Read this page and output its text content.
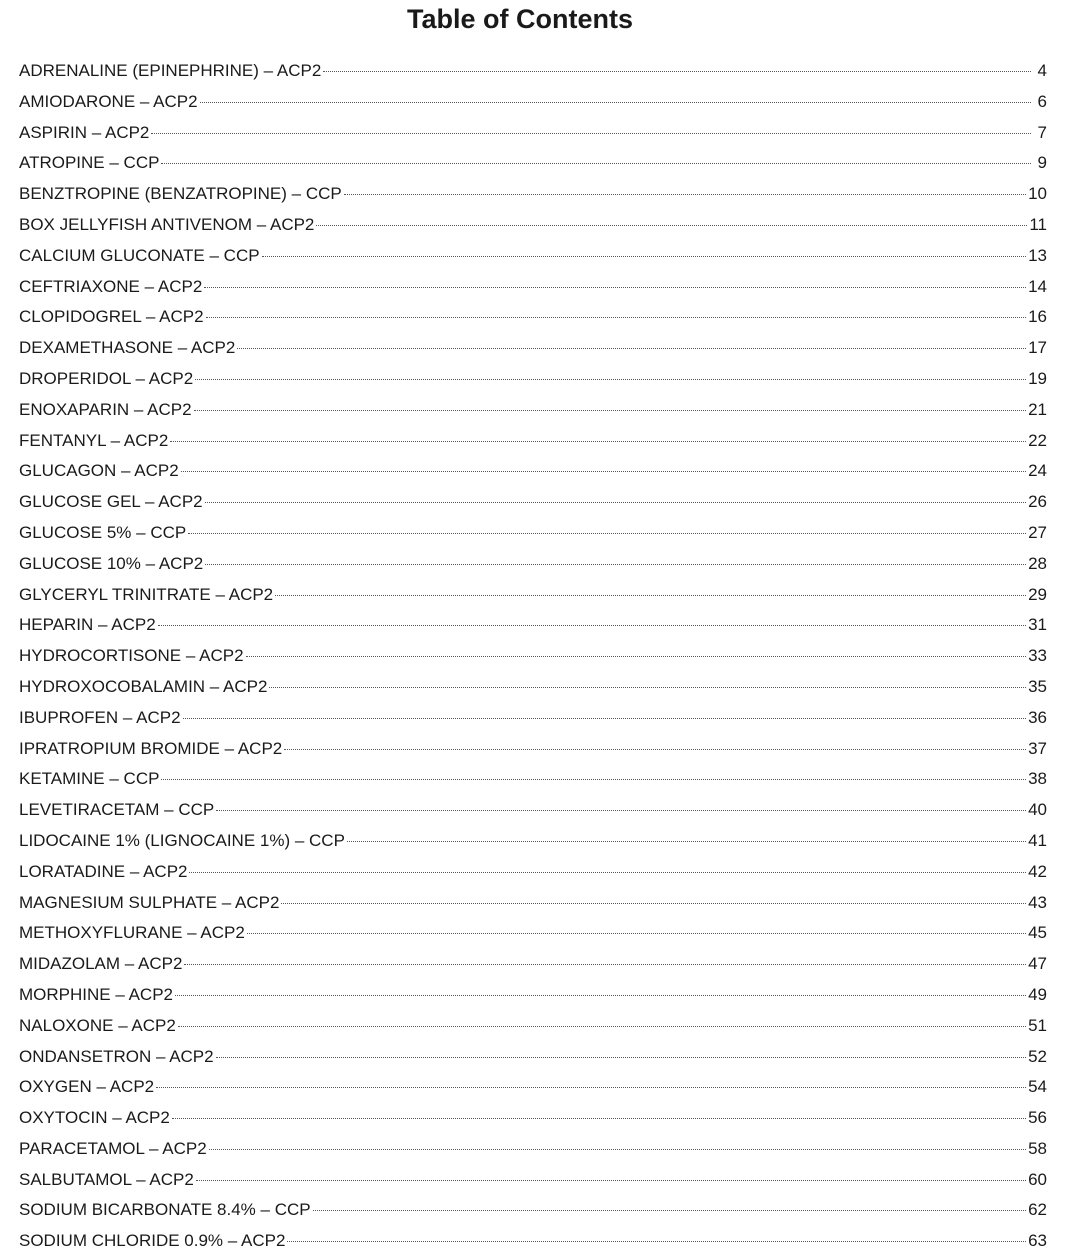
Table of Contents
ADRENALINE (EPINEPHRINE) – ACP2	4
AMIODARONE – ACP2	6
ASPIRIN – ACP2	7
ATROPINE – CCP	9
BENZTROPINE (BENZATROPINE) – CCP	10
BOX JELLYFISH ANTIVENOM – ACP2	11
CALCIUM GLUCONATE – CCP	13
CEFTRIAXONE – ACP2	14
CLOPIDOGREL – ACP2	16
DEXAMETHASONE – ACP2	17
DROPERIDOL – ACP2	19
ENOXAPARIN – ACP2	21
FENTANYL – ACP2	22
GLUCAGON – ACP2	24
GLUCOSE GEL – ACP2	26
GLUCOSE 5% – CCP	27
GLUCOSE 10% – ACP2	28
GLYCERYL TRINITRATE – ACP2	29
HEPARIN – ACP2	31
HYDROCORTISONE – ACP2	33
HYDROXOCOBALAMIN – ACP2	35
IBUPROFEN – ACP2	36
IPRATROPIUM BROMIDE – ACP2	37
KETAMINE – CCP	38
LEVETIRACETAM – CCP	40
LIDOCAINE 1% (LIGNOCAINE 1%) – CCP	41
LORATADINE – ACP2	42
MAGNESIUM SULPHATE – ACP2	43
METHOXYFLURANE – ACP2	45
MIDAZOLAM – ACP2	47
MORPHINE – ACP2	49
NALOXONE – ACP2	51
ONDANSETRON – ACP2	52
OXYGEN – ACP2	54
OXYTOCIN – ACP2	56
PARACETAMOL – ACP2	58
SALBUTAMOL – ACP2	60
SODIUM BICARBONATE 8.4% – CCP	62
SODIUM CHLORIDE 0.9% – ACP2	63
